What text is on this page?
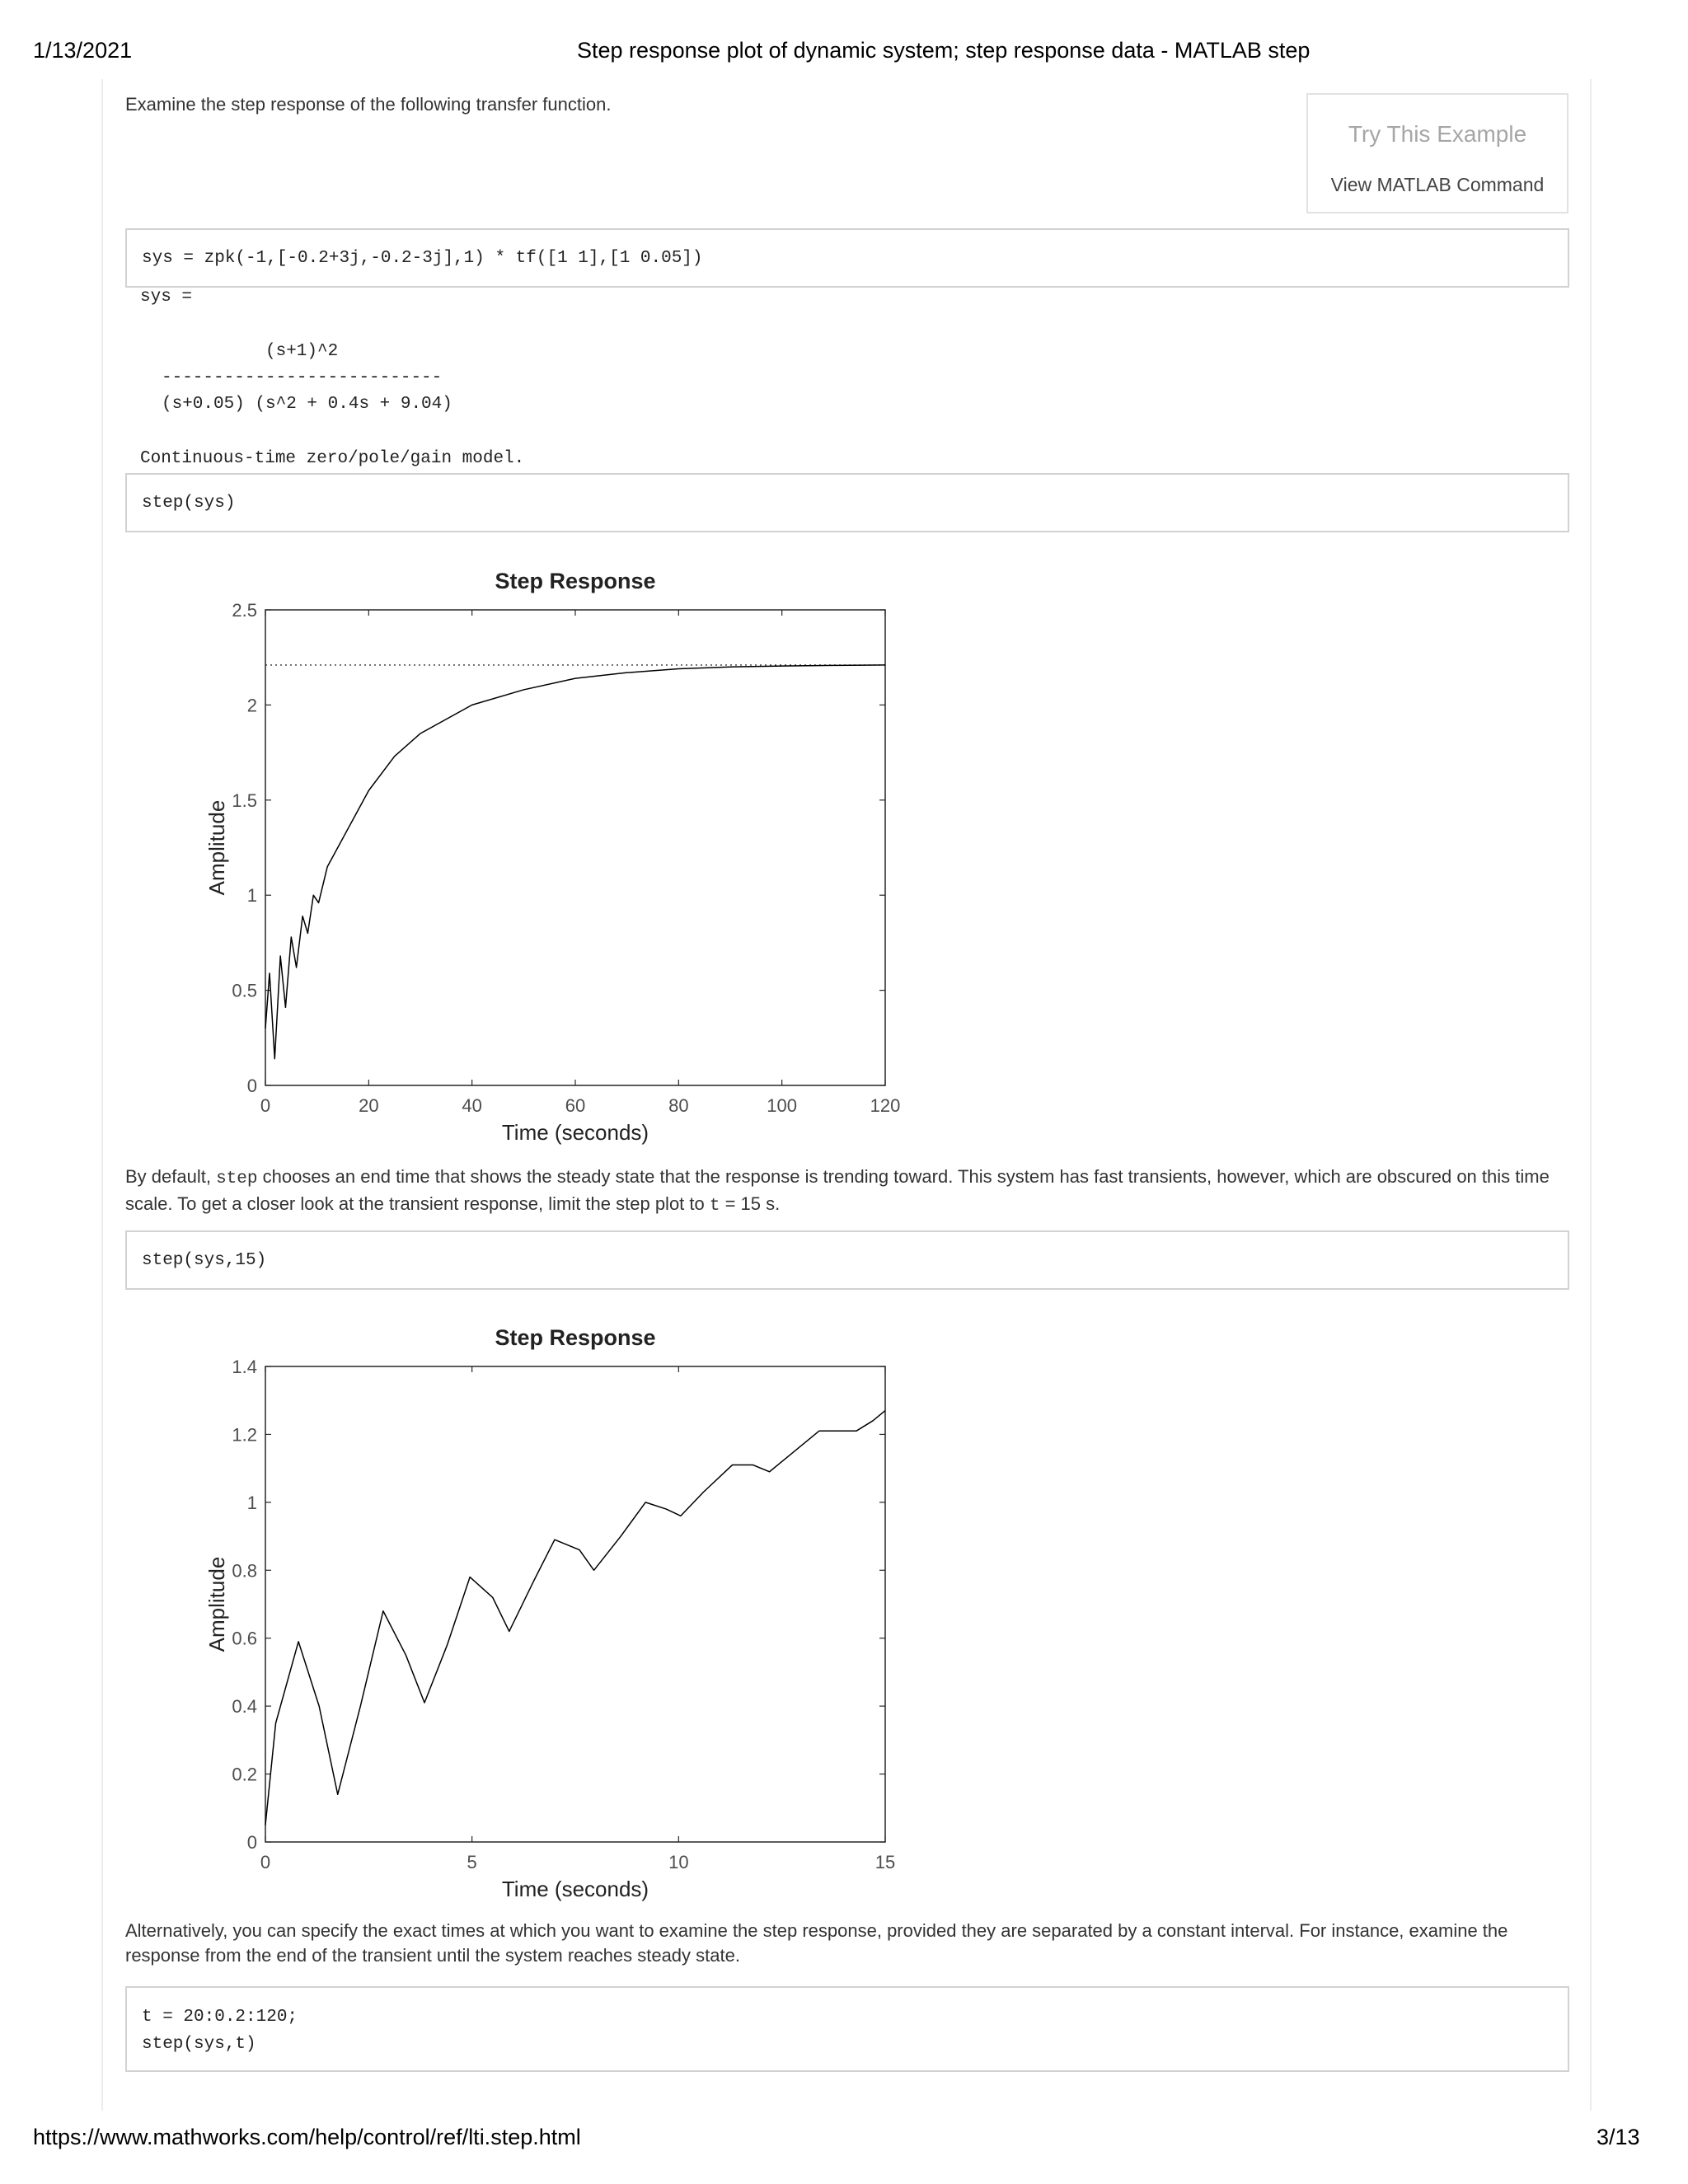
1/13/2021	Step response plot of dynamic system; step response data - MATLAB step
Examine the step response of the following transfer function.
Try This Example
View MATLAB Command
sys = zpk(-1,[-0.2+3j,-0.2-3j],1) * tf([1 1],[1 0.05])
sys =
(s+1)^2
---------------------------
(s+0.05) (s^2 + 0.4s + 9.04)
Continuous-time zero/pole/gain model.
step(sys)
Step Response
0	20	40	60	80	100	120
0
0.5
1
1.5
2
2.5
Time (seconds)
Amplitude
By default, step chooses an end time that shows the steady state that the response is trending toward. This system has fast transients, however, which are obscured on this time scale. To get a closer look at the transient response, limit the step plot to t = 15 s.
step(sys,15)
Step Response
0	5	10	15
0
0.2
0.4
0.6
0.8
1
1.2
1.4
Time (seconds)
Amplitude
Alternatively, you can specify the exact times at which you want to examine the step response, provided they are separated by a constant interval. For instance, examine the response from the end of the transient until the system reaches steady state.
t = 20:0.2:120;
step(sys,t)
https://www.mathworks.com/help/control/ref/lti.step.html	3/13
